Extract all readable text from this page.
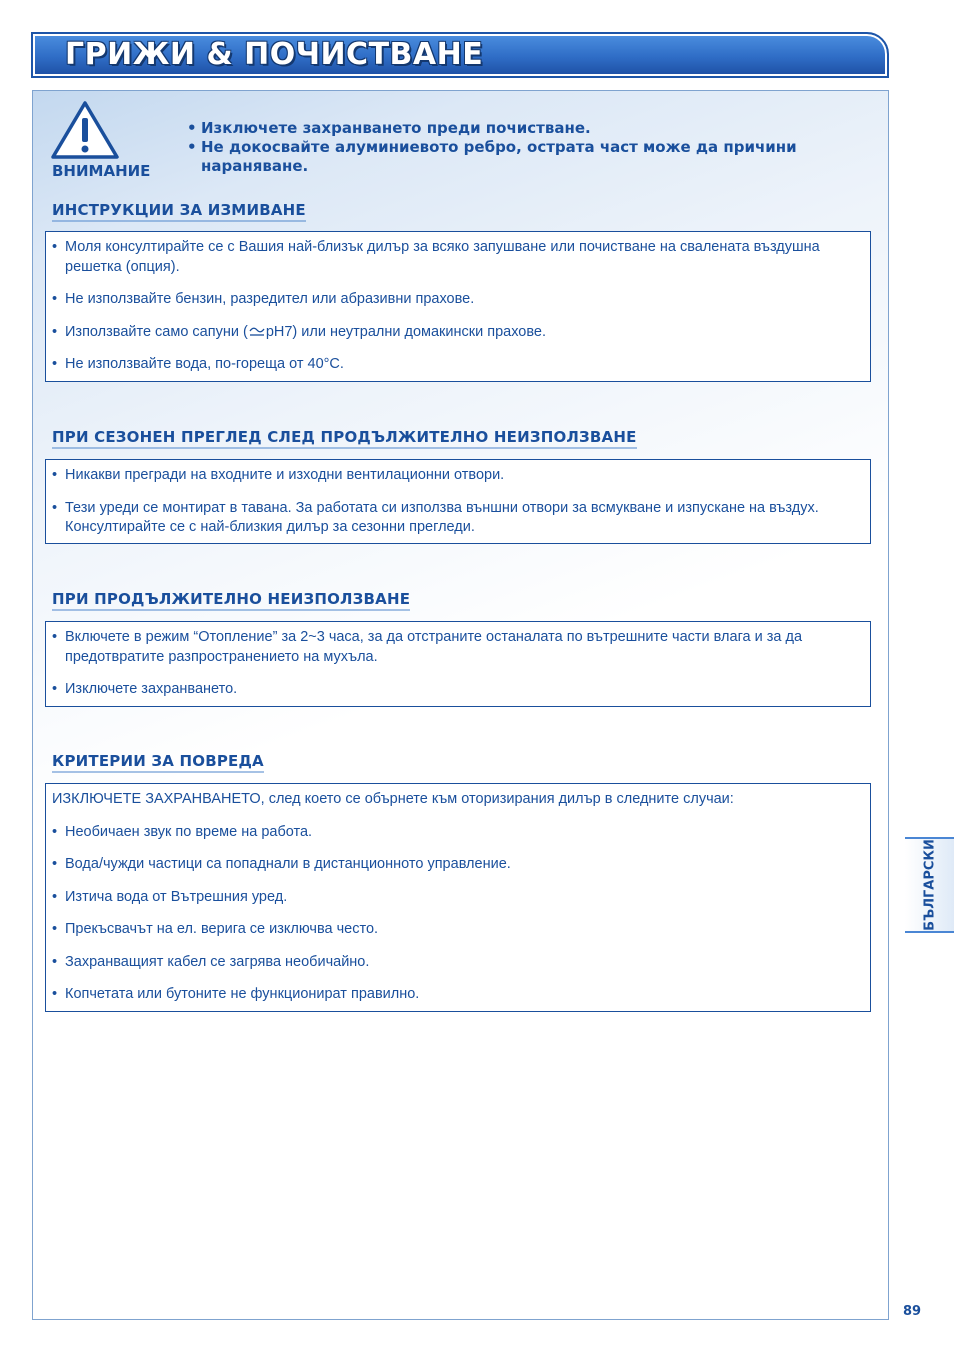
ГРИЖИ & ПОЧИСТВАНЕ
ВНИМАНИЕ
• Изключете захранването преди почистване.
• Не докосвайте алуминиевото ребро, острата част може да причини нараняване.
ИНСТРУКЦИИ ЗА ИЗМИВАНЕ
• Моля консултирайте се с Вашия най-близък дилър за всяко запушване или почистване на свалената въздушна решетка (опция).
• Не използвайте бензин, разредител или абразивни прахове.
• Използвайте само сапуни ( pH7) или неутрални домакински прахове.
• Не използвайте вода, по-гореща от 40°C.
ПРИ СЕЗОНЕН ПРЕГЛЕД СЛЕД ПРОДЪЛЖИТЕЛНО НЕИЗПОЛЗВАНЕ
• Никакви прегради на входните и изходни вентилационни отвори.
• Тези уреди се монтират в тавана. За работата си използва външни отвори за всмукване и изпускане на въздух. Консултирайте се с най-близкия дилър за сезонни прегледи.
ПРИ ПРОДЪЛЖИТЕЛНО НЕИЗПОЛЗВАНЕ
• Включете в режим “Отопление” за 2~3 часа, за да отстраните останалата по вътрешните части влага и за да предотвратите разпространението на мухъла.
• Изключете захранването.
КРИТЕРИИ ЗА ПОВРЕДА

ИЗКЛЮЧЕТЕ ЗАХРАНВАНЕТО, след което се обърнете към оторизирания дилър в следните случаи:

• Необичаен звук по време на работа.
• Вода/чужди частици са попаднали в дистанционното управление.
• Изтича вода от Вътрешния уред.
• Прекъсвачът на ел. верига се изключва често.
• Захранващият кабел се загрява необичайно.
• Копчетата или бутоните не функционират правилно.
БЪЛГАРСКИ
89
